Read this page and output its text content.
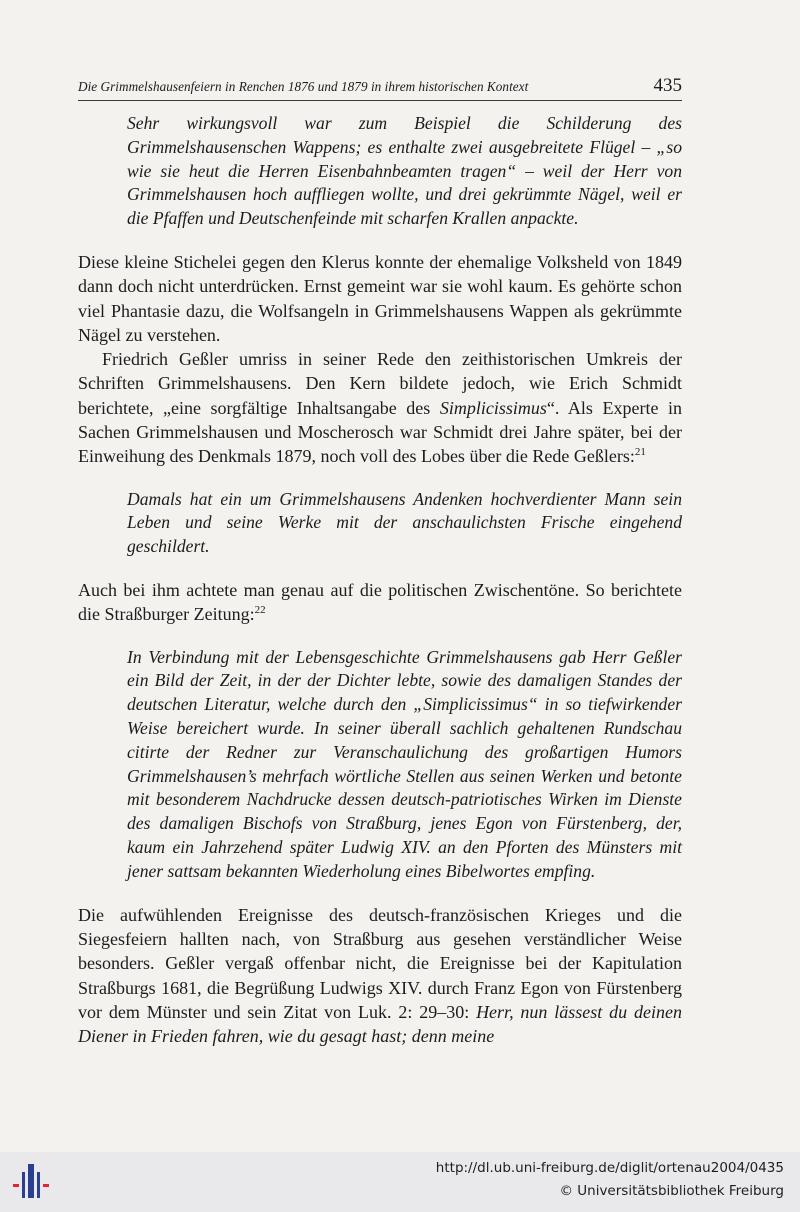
Die Grimmelshausenfeiern in Renchen 1876 und 1879 in ihrem historischen Kontext	435

Sehr wirkungsvoll war zum Beispiel die Schilderung des Grimmelshausenschen Wappens; es enthalte zwei ausgebreitete Flügel – „so wie sie heut die Herren Eisenbahnbeamten tragen“ – weil der Herr von Grimmelshausen hoch auffliegen wollte, und drei gekrümmte Nägel, weil er die Pfaffen und Deutschenfeinde mit scharfen Krallen anpackte.

Diese kleine Stichelei gegen den Klerus konnte der ehemalige Volksheld von 1849 dann doch nicht unterdrücken. Ernst gemeint war sie wohl kaum. Es gehörte schon viel Phantasie dazu, die Wolfsangeln in Grimmelshausens Wappen als gekrümmte Nägel zu verstehen.

Friedrich Geßler umriss in seiner Rede den zeithistorischen Umkreis der Schriften Grimmelshausens. Den Kern bildete jedoch, wie Erich Schmidt berichtete, „eine sorgfältige Inhaltsangabe des Simplicissimus“. Als Experte in Sachen Grimmelshausen und Moscherosch war Schmidt drei Jahre später, bei der Einweihung des Denkmals 1879, noch voll des Lobes über die Rede Geßlers:$^{21}$

Damals hat ein um Grimmelshausens Andenken hochverdienter Mann sein Leben und seine Werke mit der anschaulichsten Frische eingehend geschildert.

Auch bei ihm achtete man genau auf die politischen Zwischentöne. So berichtete die Straßburger Zeitung:$^{22}$

In Verbindung mit der Lebensgeschichte Grimmelshausens gab Herr Geßler ein Bild der Zeit, in der der Dichter lebte, sowie des damaligen Standes der deutschen Literatur, welche durch den „Simplicissimus“ in so tiefwirkender Weise bereichert wurde. In seiner überall sachlich gehaltenen Rundschau citirte der Redner zur Veranschaulichung des großartigen Humors Grimmelshausen’s mehrfach wörtliche Stellen aus seinen Werken und betonte mit besonderem Nachdrucke dessen deutsch-patriotisches Wirken im Dienste des damaligen Bischofs von Straßburg, jenes Egon von Fürstenberg, der, kaum ein Jahrzehend später Ludwig XIV. an den Pforten des Münsters mit jener sattsam bekannten Wiederholung eines Bibelwortes empfing.

Die aufwühlenden Ereignisse des deutsch-französischen Krieges und die Siegesfeiern hallten nach, von Straßburg aus gesehen verständlicher Weise besonders. Geßler vergaß offenbar nicht, die Ereignisse bei der Kapitulation Straßburgs 1681, die Begrüßung Ludwigs XIV. durch Franz Egon von Fürstenberg vor dem Münster und sein Zitat von Luk. 2: 29–30: Herr, nun lässest du deinen Diener in Frieden fahren, wie du gesagt hast; denn meine

http://dl.ub.uni-freiburg.de/diglit/ortenau2004/0435
© Universitätsbibliothek Freiburg
